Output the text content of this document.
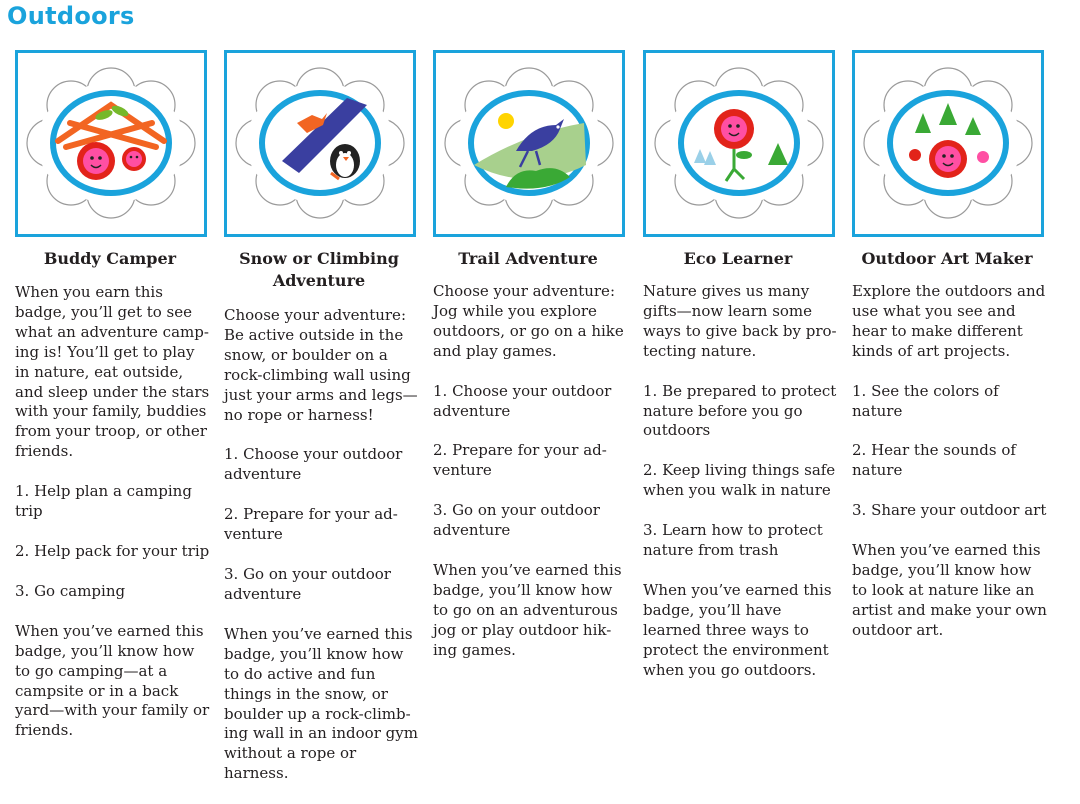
Outdoors
Buddy Camper

When you earn this badge, you’ll get to see what an adventure camp-ing is! You’ll get to play in nature, eat outside, and sleep under the stars with your family, buddies from your troop, or other friends.

1. Help plan a camping trip

2. Help pack for your trip

3. Go camping

When you’ve earned this badge, you’ll know how to go camping—at a campsite or in a back yard—with your family or friends.

Snow or Climbing Adventure

Choose your adventure: Be active outside in the snow, or boulder on a rock-climbing wall using just your arms and legs—no rope or harness!

1. Choose your outdoor adventure

2. Prepare for your ad-venture

3. Go on your outdoor adventure

When you’ve earned this badge, you’ll know how to do active and fun things in the snow, or boulder up a rock-climb-ing wall in an indoor gym without a rope or harness.

Trail Adventure

Choose your adventure: Jog while you explore outdoors, or go on a hike and play games.

1. Choose your outdoor adventure

2. Prepare for your ad-venture

3. Go on your outdoor adventure

When you’ve earned this badge, you’ll know how to go on an adventurous jog or play outdoor hik-ing games.

Eco Learner

Nature gives us many gifts—now learn some ways to give back by pro-tecting nature.

1. Be prepared to protect nature before you go outdoors

2. Keep living things safe when you walk in nature

3. Learn how to protect nature from trash

When you’ve earned this badge, you’ll have learned three ways to protect the environment when you go outdoors.

Outdoor Art Maker

Explore the outdoors and use what you see and hear to make different kinds of art projects.

1. See the colors of nature

2. Hear the sounds of nature

3. Share your outdoor art

When you’ve earned this badge, you’ll know how to look at nature like an artist and make your own outdoor art.
